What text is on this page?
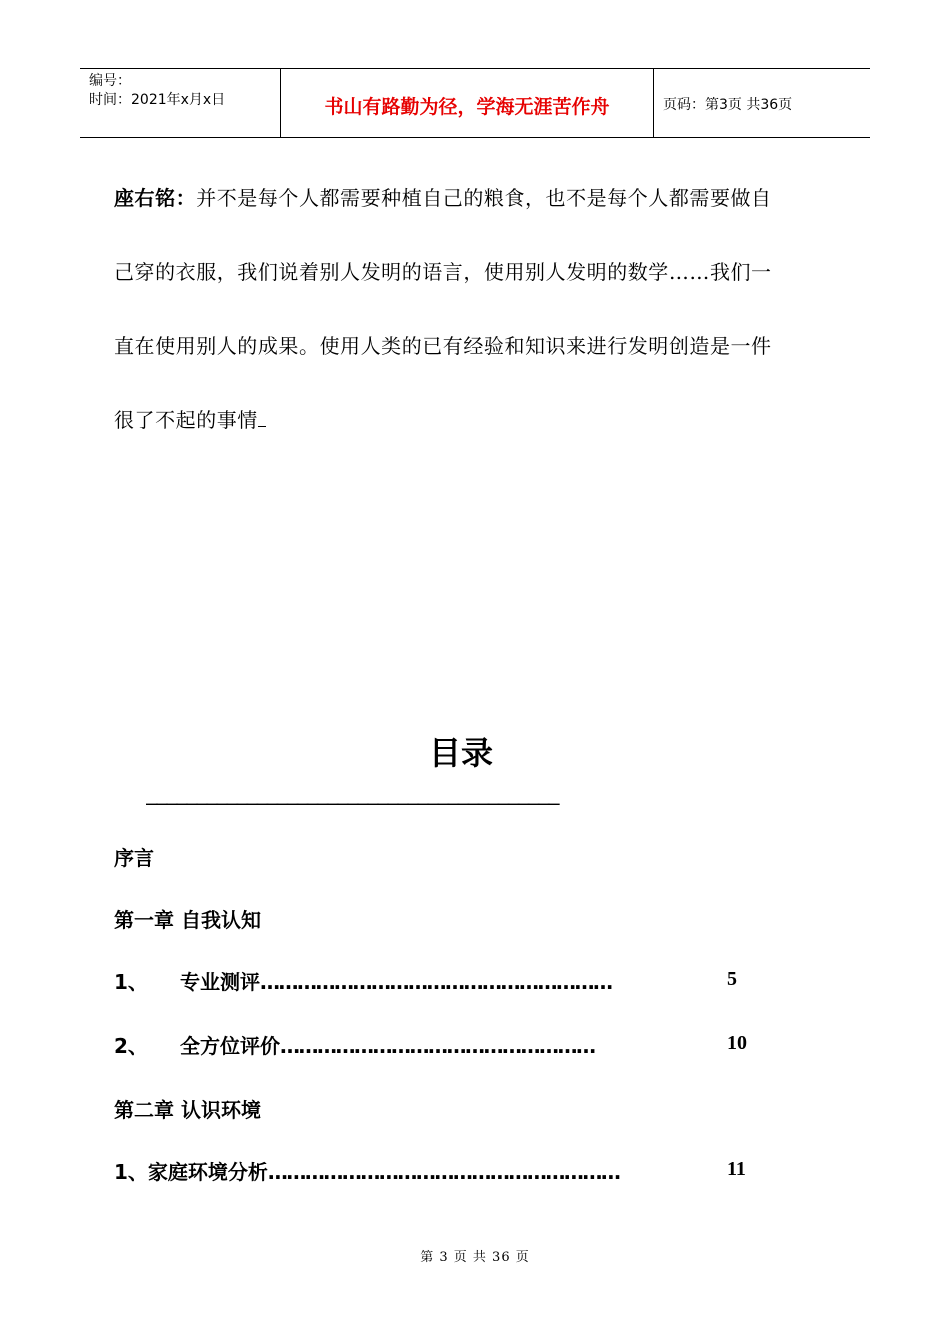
编号：
时间：2021年x月x日	书山有路勤为径，学海无涯苦作舟	页码：第3页 共36页
座右铭：并不是每个人都需要种植自己的粮食，也不是每个人都需要做自
己穿的衣服，我们说着别人发明的语言，使用别人发明的数学……我们一
直在使用别人的成果。使用人类的已有经验和知识来进行发明创造是一件
很了不起的事情
目录
—————————————————————————————————————————
序言
第一章 自我认知
1、 专业测评…………………………………………………	5
2、 全方位评价……………………………………………	10
第二章 认识环境
1、家庭环境分析…………………………………………………	11
第 3 页 共 36 页
